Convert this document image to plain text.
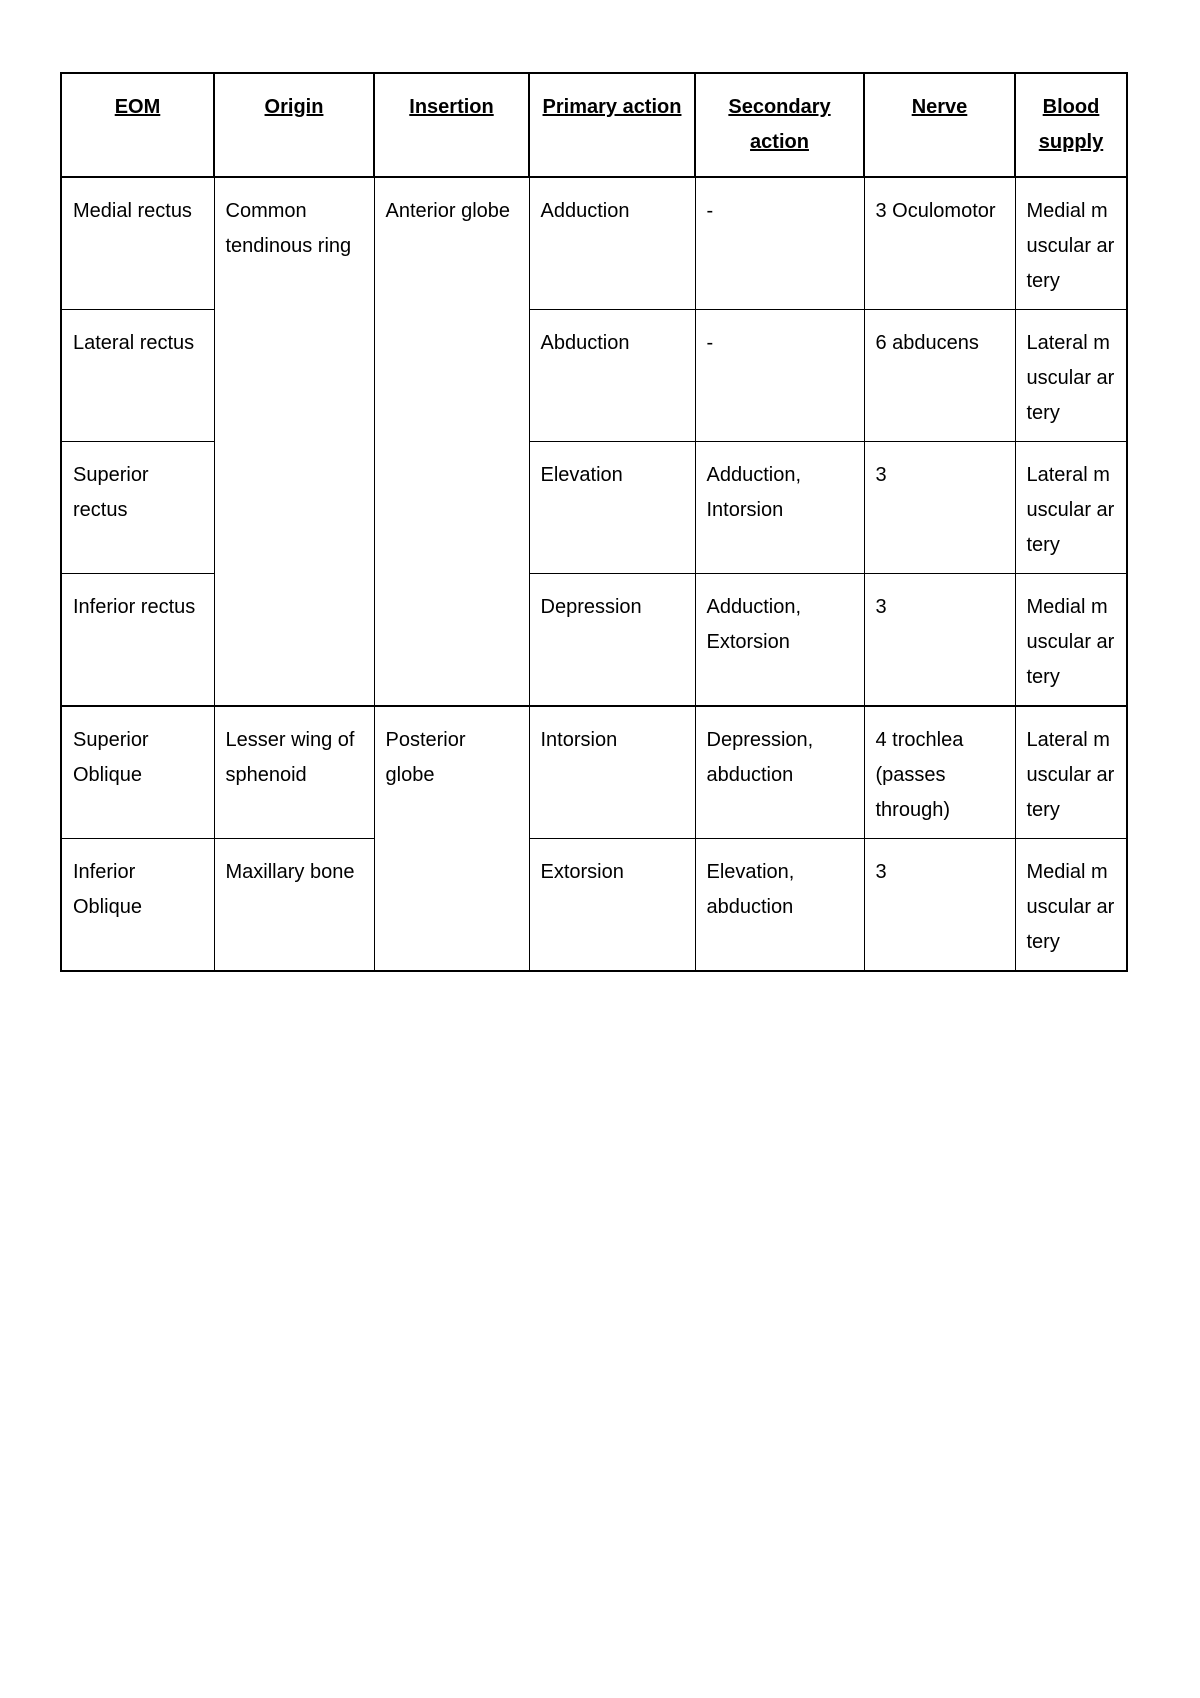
EOM	Origin	Insertion	Primary action	Secondary action	Nerve	Blood supply
Medial rectus	Common tendinous ring	Anterior globe	Adduction	-	3 Oculomotor	Medial muscular artery
Lateral rectus			Abduction	-	6 abducens	Lateral muscular artery
Superior rectus			Elevation	Adduction, Intorsion	3	Lateral muscular artery
Inferior rectus			Depression	Adduction, Extorsion	3	Medial muscular artery
Superior Oblique	Lesser wing of sphenoid	Posterior globe	Intorsion	Depression, abduction	4 trochlea (passes through)	Lateral muscular artery
Inferior Oblique	Maxillary bone		Extorsion	Elevation, abduction	3	Medial muscular artery
